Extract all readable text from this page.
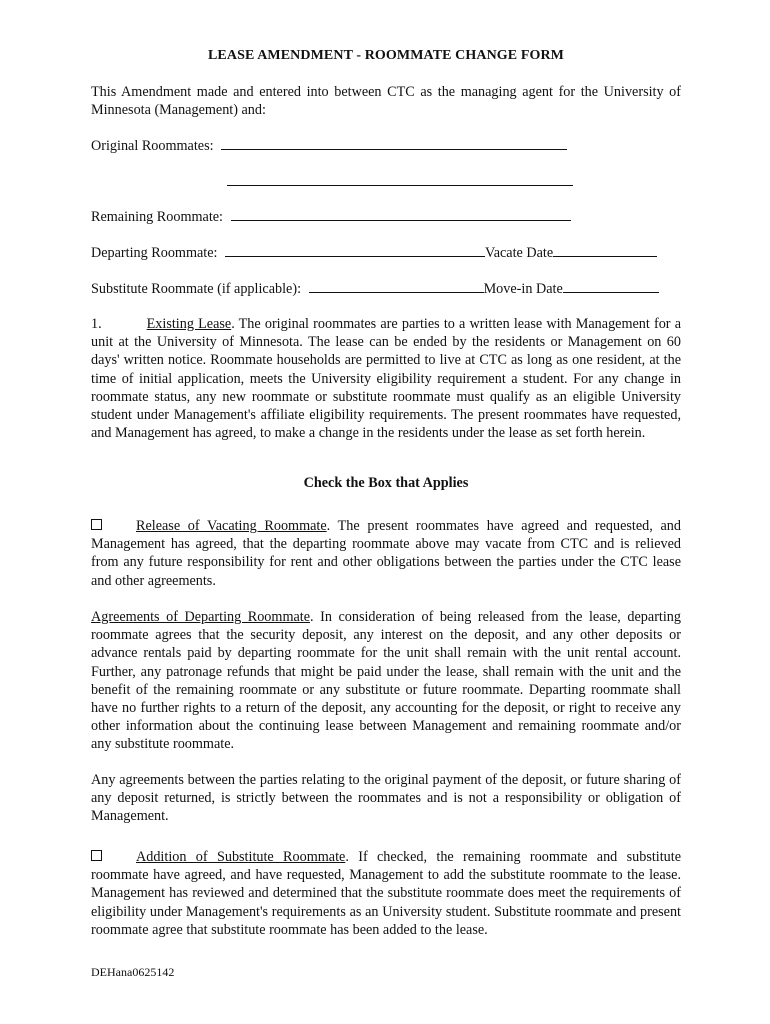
LEASE AMENDMENT - ROOMMATE CHANGE FORM
This Amendment made and entered into between CTC as the managing agent for the University of Minnesota (Management) and:
Original Roommates:
Remaining Roommate:
Departing Roommate:	Vacate Date
Substitute Roommate (if applicable):	Move-in Date
1.	Existing Lease. The original roommates are parties to a written lease with Management for a unit at the University of Minnesota. The lease can be ended by the residents or Management on 60 days' written notice. Roommate households are permitted to live at CTC as long as one resident, at the time of initial application, meets the University eligibility requirement a student. For any change in roommate status, any new roommate or substitute roommate must qualify as an eligible University student under Management's affiliate eligibility requirements. The present roommates have requested, and Management has agreed, to make a change in the residents under the lease as set forth herein.
Check the Box that Applies
Release of Vacating Roommate. The present roommates have agreed and requested, and Management has agreed, that the departing roommate above may vacate from CTC and is relieved from any future responsibility for rent and other obligations between the parties under the CTC lease and other agreements.
Agreements of Departing Roommate. In consideration of being released from the lease, departing roommate agrees that the security deposit, any interest on the deposit, and any other deposits or advance rentals paid by departing roommate for the unit shall remain with the unit rental account. Further, any patronage refunds that might be paid under the lease, shall remain with the unit and the benefit of the remaining roommate or any substitute or future roommate. Departing roommate shall have no further rights to a return of the deposit, any accounting for the deposit, or right to receive any other information about the continuing lease between Management and remaining roommate and/or any substitute roommate.
Any agreements between the parties relating to the original payment of the deposit, or future sharing of any deposit returned, is strictly between the roommates and is not a responsibility or obligation of Management.
Addition of Substitute Roommate. If checked, the remaining roommate and substitute roommate have agreed, and have requested, Management to add the substitute roommate to the lease. Management has reviewed and determined that the substitute roommate does meet the requirements of eligibility under Management's requirements as an University student. Substitute roommate and present roommate agree that substitute roommate has been added to the lease.
DEHana0625142
